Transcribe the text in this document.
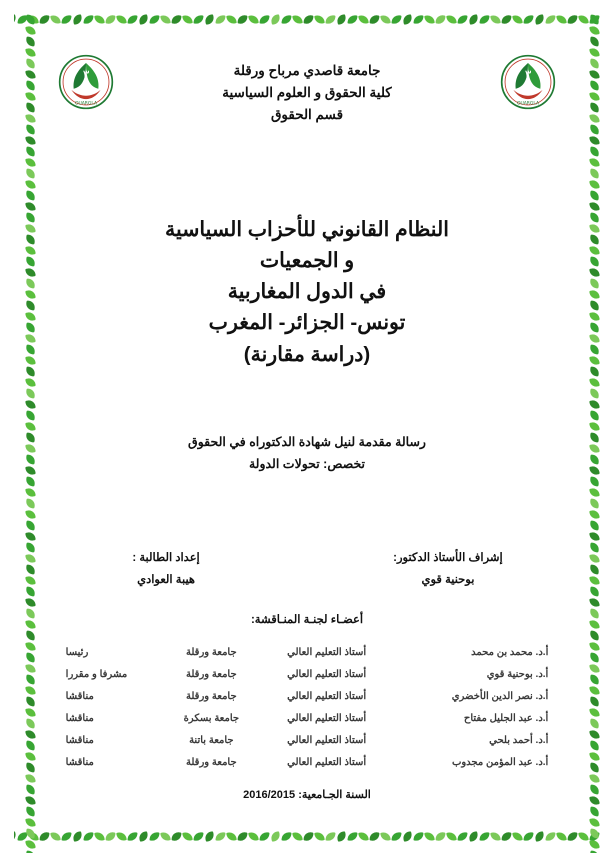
٣
OUARGLA
٣
OUARGLA
جامعة قاصدي مرباح ورقلة
كلية الحقوق و العلوم السياسية
قسم الحقوق
النظام القانوني للأحزاب السياسية
و الجمعيات
في الدول المغاربية
تونس- الجزائر- المغرب
(دراسة مقارنة)
رسالة مقدمة لنيل شهادة الدكتوراه في الحقوق
تخصص: تحولات الدولة
إشراف الأستاذ الدكتور:
بوحنية قوي
إعداد الطالبة :
هيبة العوادي
أعضـاء لجنـة المنـاقشة:
أ.د. محمد بن محمد	أستاذ التعليم العالي	جامعة ورقلة	رئيسا
أ.د. بوحنية قوي	أستاذ التعليم العالي	جامعة ورقلة	مشرفا و مقررا
أ.د. نصر الدين الأخضري	أستاذ التعليم العالي	جامعة ورقلة	مناقشا
أ.د. عبد الجليل مفتاح	أستاذ التعليم العالي	جامعة بسكرة	مناقشا
أ.د. أحمد بلحي	أستاذ التعليم العالي	جامعة باتنة	مناقشا
أ.د. عبد المؤمن مجدوب	أستاذ التعليم العالي	جامعة ورقلة	مناقشا
السنة الجـامعية: 2016/2015
